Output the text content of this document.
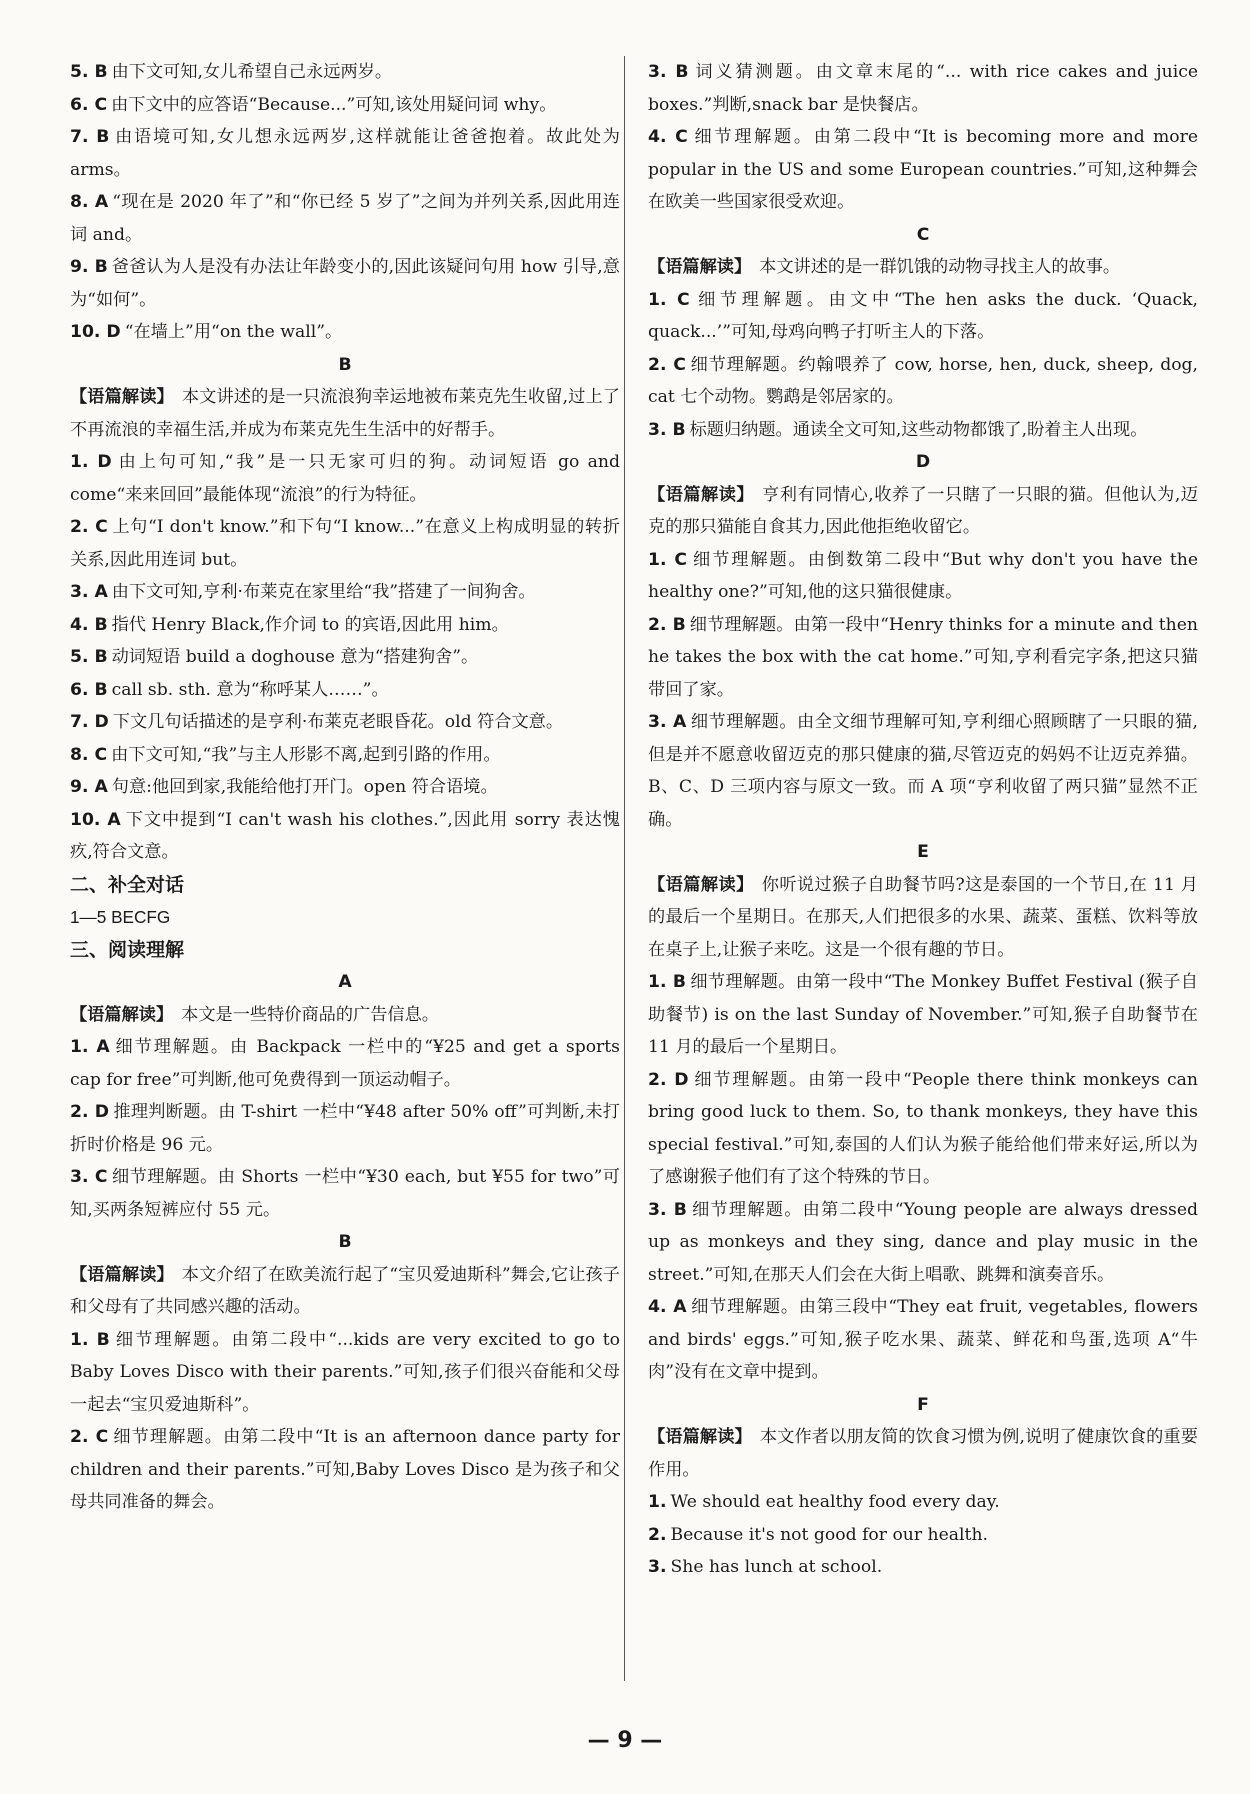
5. B 由下文可知,女儿希望自己永远两岁。

6. C 由下文中的应答语“Because...”可知,该处用疑问词 why。

7. B 由语境可知,女儿想永远两岁,这样就能让爸爸抱着。故此处为 arms。

8. A “现在是 2020 年了”和“你已经 5 岁了”之间为并列关系,因此用连词 and。

9. B 爸爸认为人是没有办法让年龄变小的,因此该疑问句用 how 引导,意为“如何”。

10. D “在墙上”用“on the wall”。

B

【语篇解读】 本文讲述的是一只流浪狗幸运地被布莱克先生收留,过上了不再流浪的幸福生活,并成为布莱克先生生活中的好帮手。

1. D 由上句可知,“我”是一只无家可归的狗。动词短语 go and come“来来回回”最能体现“流浪”的行为特征。

2. C 上句“I don't know.”和下句“I know...”在意义上构成明显的转折关系,因此用连词 but。

3. A 由下文可知,亨利·布莱克在家里给“我”搭建了一间狗舍。

4. B 指代 Henry Black,作介词 to 的宾语,因此用 him。

5. B 动词短语 build a doghouse 意为“搭建狗舍”。

6. B call sb. sth. 意为“称呼某人……”。

7. D 下文几句话描述的是亨利·布莱克老眼昏花。old 符合文意。

8. C 由下文可知,“我”与主人形影不离,起到引路的作用。

9. A 句意:他回到家,我能给他打开门。open 符合语境。

10. A 下文中提到“I can't wash his clothes.”,因此用 sorry 表达愧疚,符合文意。

二、补全对话

1—5 BECFG

三、阅读理解

A

【语篇解读】 本文是一些特价商品的广告信息。

1. A 细节理解题。由 Backpack 一栏中的“¥25 and get a sports cap for free”可判断,他可免费得到一顶运动帽子。

2. D 推理判断题。由 T-shirt 一栏中“¥48 after 50% off”可判断,未打折时价格是 96 元。

3. C 细节理解题。由 Shorts 一栏中“¥30 each, but ¥55 for two”可知,买两条短裤应付 55 元。

B

【语篇解读】 本文介绍了在欧美流行起了“宝贝爱迪斯科”舞会,它让孩子和父母有了共同感兴趣的活动。

1. B 细节理解题。由第二段中“...kids are very excited to go to Baby Loves Disco with their parents.”可知,孩子们很兴奋能和父母一起去“宝贝爱迪斯科”。

2. C 细节理解题。由第二段中“It is an afternoon dance party for children and their parents.”可知,Baby Loves Disco 是为孩子和父母共同准备的舞会。

3. B 词义猜测题。由文章末尾的“... with rice cakes and juice boxes.”判断,snack bar 是快餐店。

4. C 细节理解题。由第二段中“It is becoming more and more popular in the US and some European countries.”可知,这种舞会在欧美一些国家很受欢迎。

C

【语篇解读】 本文讲述的是一群饥饿的动物寻找主人的故事。

1. C 细节理解题。由文中“The hen asks the duck. ‘Quack, quack...’”可知,母鸡向鸭子打听主人的下落。

2. C 细节理解题。约翰喂养了 cow, horse, hen, duck, sheep, dog, cat 七个动物。鹦鹉是邻居家的。

3. B 标题归纳题。通读全文可知,这些动物都饿了,盼着主人出现。

D

【语篇解读】 亨利有同情心,收养了一只瞎了一只眼的猫。但他认为,迈克的那只猫能自食其力,因此他拒绝收留它。

1. C 细节理解题。由倒数第二段中“But why don't you have the healthy one?”可知,他的这只猫很健康。

2. B 细节理解题。由第一段中“Henry thinks for a minute and then he takes the box with the cat home.”可知,亨利看完字条,把这只猫带回了家。

3. A 细节理解题。由全文细节理解可知,亨利细心照顾瞎了一只眼的猫,但是并不愿意收留迈克的那只健康的猫,尽管迈克的妈妈不让迈克养猫。B、C、D 三项内容与原文一致。而 A 项“亨利收留了两只猫”显然不正确。

E

【语篇解读】 你听说过猴子自助餐节吗?这是泰国的一个节日,在 11 月的最后一个星期日。在那天,人们把很多的水果、蔬菜、蛋糕、饮料等放在桌子上,让猴子来吃。这是一个很有趣的节日。

1. B 细节理解题。由第一段中“The Monkey Buffet Festival (猴子自助餐节) is on the last Sunday of November.”可知,猴子自助餐节在 11 月的最后一个星期日。

2. D 细节理解题。由第一段中“People there think monkeys can bring good luck to them. So, to thank monkeys, they have this special festival.”可知,泰国的人们认为猴子能给他们带来好运,所以为了感谢猴子他们有了这个特殊的节日。

3. B 细节理解题。由第二段中“Young people are always dressed up as monkeys and they sing, dance and play music in the street.”可知,在那天人们会在大街上唱歌、跳舞和演奏音乐。

4. A 细节理解题。由第三段中“They eat fruit, vegetables, flowers and birds' eggs.”可知,猴子吃水果、蔬菜、鲜花和鸟蛋,选项 A“牛肉”没有在文章中提到。

F

【语篇解读】 本文作者以朋友简的饮食习惯为例,说明了健康饮食的重要作用。

1. We should eat healthy food every day.

2. Because it's not good for our health.

3. She has lunch at school.

— 9 —
